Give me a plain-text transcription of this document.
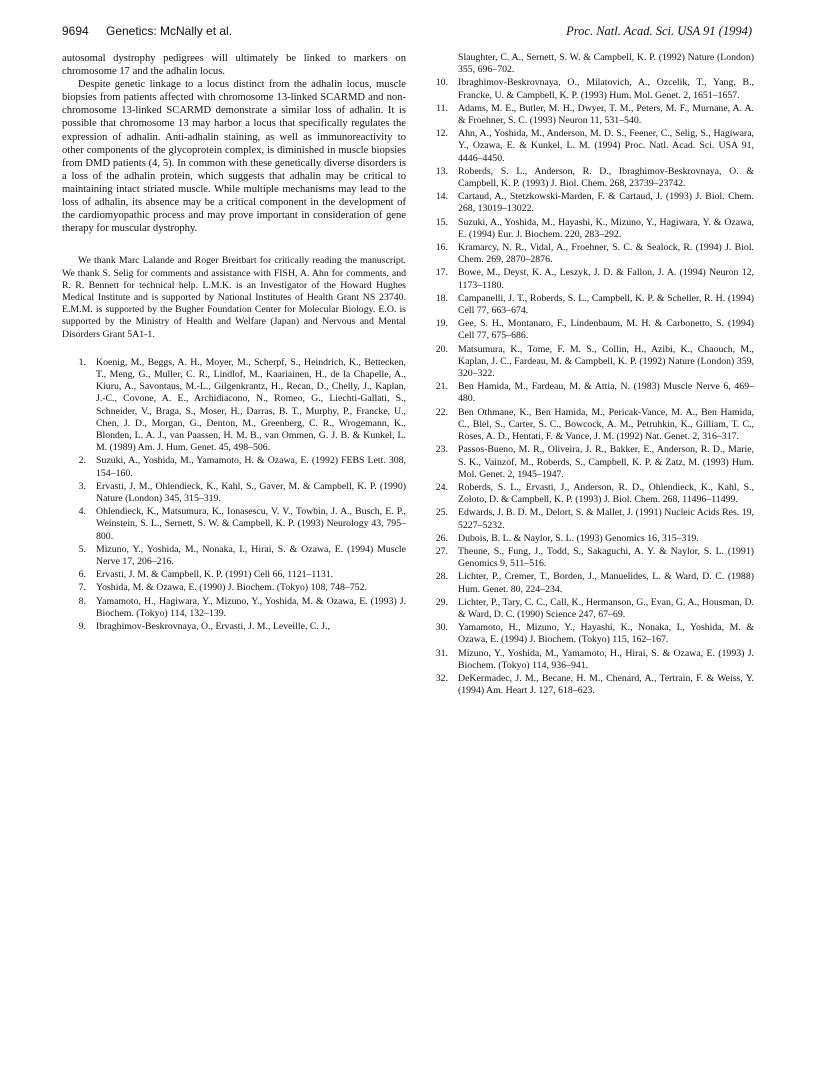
9694 Genetics: McNally et al.	Proc. Natl. Acad. Sci. USA 91 (1994)

autosomal dystrophy pedigrees will ultimately be linked to markers on chromosome 17 and the adhalin locus.

Despite genetic linkage to a locus distinct from the adhalin locus, muscle biopsies from patients affected with chromosome 13-linked SCARMD and non-chromosome 13-linked SCARMD demonstrate a similar loss of adhalin. It is possible that chromosome 13 may harbor a locus that specifically regulates the expression of adhalin. Anti-adhalin staining, as well as immunoreactivity to other components of the glycoprotein complex, is diminished in muscle biopsies from DMD patients (4, 5). In common with these genetically diverse disorders is a loss of the adhalin protein, which suggests that adhalin may be critical to maintaining intact striated muscle. While multiple mechanisms may lead to the loss of adhalin, its absence may be a critical component in the development of the cardiomyopathic process and may prove important in consideration of gene therapy for muscular dystrophy.

We thank Marc Lalande and Roger Breitbart for critically reading the manuscript. We thank S. Selig for comments and assistance with FISH, A. Ahn for comments, and R. R. Bennett for technical help. L.M.K. is an Investigator of the Howard Hughes Medical Institute and is supported by National Institutes of Health Grant NS 23740. E.M.M. is supported by the Bugher Foundation Center for Molecular Biology. E.O. is supported by the Ministry of Health and Welfare (Japan) and Nervous and Mental Disorders Grant 5A1-1.

1. Koenig, M., Beggs, A. H., Moyer, M., Scherpf, S., Heindrich, K., Bettecken, T., Meng, G., Muller, C. R., Lindlof, M., Kaariainen, H., de la Chapelle, A., Kiuru, A., Savontaus, M.-L., Gilgenkrantz, H., Recan, D., Chelly, J., Kaplan, J.-C., Covone, A. E., Archidiacono, N., Romeo, G., Liechti-Gallati, S., Schneider, V., Braga, S., Moser, H., Darras, B. T., Murphy, P., Francke, U., Chen, J. D., Morgan, G., Denton, M., Greenberg, C. R., Wrogemann, K., Blonden, L. A. J., van Paassen, H. M. B., van Ommen, G. J. B. & Kunkel, L. M. (1989) Am. J. Hum. Genet. 45, 498–506.
2. Suzuki, A., Yoshida, M., Yamamoto, H. & Ozawa, E. (1992) FEBS Lett. 308, 154–160.
3. Ervasti, J. M., Ohlendieck, K., Kahl, S., Gaver, M. & Campbell, K. P. (1990) Nature (London) 345, 315–319.
4. Ohlendieck, K., Matsumura, K., Ionasescu, V. V., Towbin, J. A., Busch, E. P., Weinstein, S. L., Sernett, S. W. & Campbell, K. P. (1993) Neurology 43, 795–800.
5. Mizuno, Y., Yoshida, M., Nonaka, I., Hirai, S. & Ozawa, E. (1994) Muscle Nerve 17, 206–216.
6. Ervasti, J. M. & Campbell, K. P. (1991) Cell 66, 1121–1131.
7. Yoshida, M. & Ozawa, E. (1990) J. Biochem. (Tokyo) 108, 748–752.
8. Yamamoto, H., Hagiwara, Y., Mizuno, Y., Yoshida, M. & Ozawa, E. (1993) J. Biochem. (Tokyo) 114, 132–139.
9. Ibraghimov-Beskrovnaya, O., Ervasti, J. M., Leveille, C. J.,
Slaughter, C. A., Sernett, S. W. & Campbell, K. P. (1992) Nature (London) 355, 696–702.
10. Ibraghimov-Beskrovnaya, O., Milatovich, A., Ozcelik, T., Yang, B., Francke, U. & Campbell, K. P. (1993) Hum. Mol. Genet. 2, 1651–1657.
11. Adams, M. E., Butler, M. H., Dwyer, T. M., Peters, M. F., Murnane, A. A. & Froehner, S. C. (1993) Neuron 11, 531–540.
12. Ahn, A., Yoshida, M., Anderson, M. D. S., Feener, C., Selig, S., Hagiwara, Y., Ozawa, E. & Kunkel, L. M. (1994) Proc. Natl. Acad. Sci. USA 91, 4446–4450.
13. Roberds, S. L., Anderson, R. D., Ibraghimov-Beskrovnaya, O. & Campbell, K. P. (1993) J. Biol. Chem. 268, 23739–23742.
14. Cartaud, A., Stetzkowski-Marden, F. & Cartaud, J. (1993) J. Biol. Chem. 268, 13019–13022.
15. Suzuki, A., Yoshida, M., Hayashi, K., Mizuno, Y., Hagiwara, Y. & Ozawa, E. (1994) Eur. J. Biochem. 220, 283–292.
16. Kramarcy, N. R., Vidal, A., Froehner, S. C. & Sealock, R. (1994) J. Biol. Chem. 269, 2870–2876.
17. Bowe, M., Deyst, K. A., Leszyk, J. D. & Fallon, J. A. (1994) Neuron 12, 1173–1180.
18. Campanelli, J. T., Roberds, S. L., Campbell, K. P. & Scheller, R. H. (1994) Cell 77, 663–674.
19. Gee, S. H., Montanaro, F., Lindenbaum, M. H. & Carbonetto, S. (1994) Cell 77, 675–686.
20. Matsumura, K., Tome, F. M. S., Collin, H., Azibi, K., Chaouch, M., Kaplan, J. C., Fardeau, M. & Campbell, K. P. (1992) Nature (London) 359, 320–322.
21. Ben Hamida, M., Fardeau, M. & Attia, N. (1983) Muscle Nerve 6, 469–480.
22. Ben Othmane, K., Ben Hamida, M., Pericak-Vance, M. A., Ben Hamida, C., Blel, S., Carter, S. C., Bowcock, A. M., Petruhkin, K., Gilliam, T. C., Roses, A. D., Hentati, F. & Vance, J. M. (1992) Nat. Genet. 2, 316–317.
23. Passos-Bueno, M. R., Oliveira, J. R., Bakker, E., Anderson, R. D., Marie, S. K., Vainzof, M., Roberds, S., Campbell, K. P. & Zatz, M. (1993) Hum. Mol. Genet. 2, 1945–1947.
24. Roberds, S. L., Ervasti, J., Anderson, R. D., Ohlendieck, K., Kahl, S., Zoloto, D. & Campbell, K. P. (1993) J. Biol. Chem. 268, 11496–11499.
25. Edwards, J. B. D. M., Delort, S. & Mallet, J. (1991) Nucleic Acids Res. 19, 5227–5232.
26. Dubois, B. L. & Naylor, S. L. (1993) Genomics 16, 315–319.
27. Theune, S., Fung, J., Todd, S., Sakaguchi, A. Y. & Naylor, S. L. (1991) Genomics 9, 511–516.
28. Lichter, P., Cremer, T., Borden, J., Manuelides, L. & Ward, D. C. (1988) Hum. Genet. 80, 224–234.
29. Lichter, P., Tary, C. C., Call, K., Hermanson, G., Evan, G. A., Housman, D. & Ward, D. C. (1990) Science 247, 67–69.
30. Yamamoto, H., Mizuno, Y., Hayashi, K., Nonaka, I., Yoshida, M. & Ozawa, E. (1994) J. Biochem. (Tokyo) 115, 162–167.
31. Mizuno, Y., Yoshida, M., Yamamoto, H., Hirai, S. & Ozawa, E. (1993) J. Biochem. (Tokyo) 114, 936–941.
32. DeKermadec, J. M., Becane, H. M., Chenard, A., Tertrain, F. & Weiss, Y. (1994) Am. Heart J. 127, 618–623.
